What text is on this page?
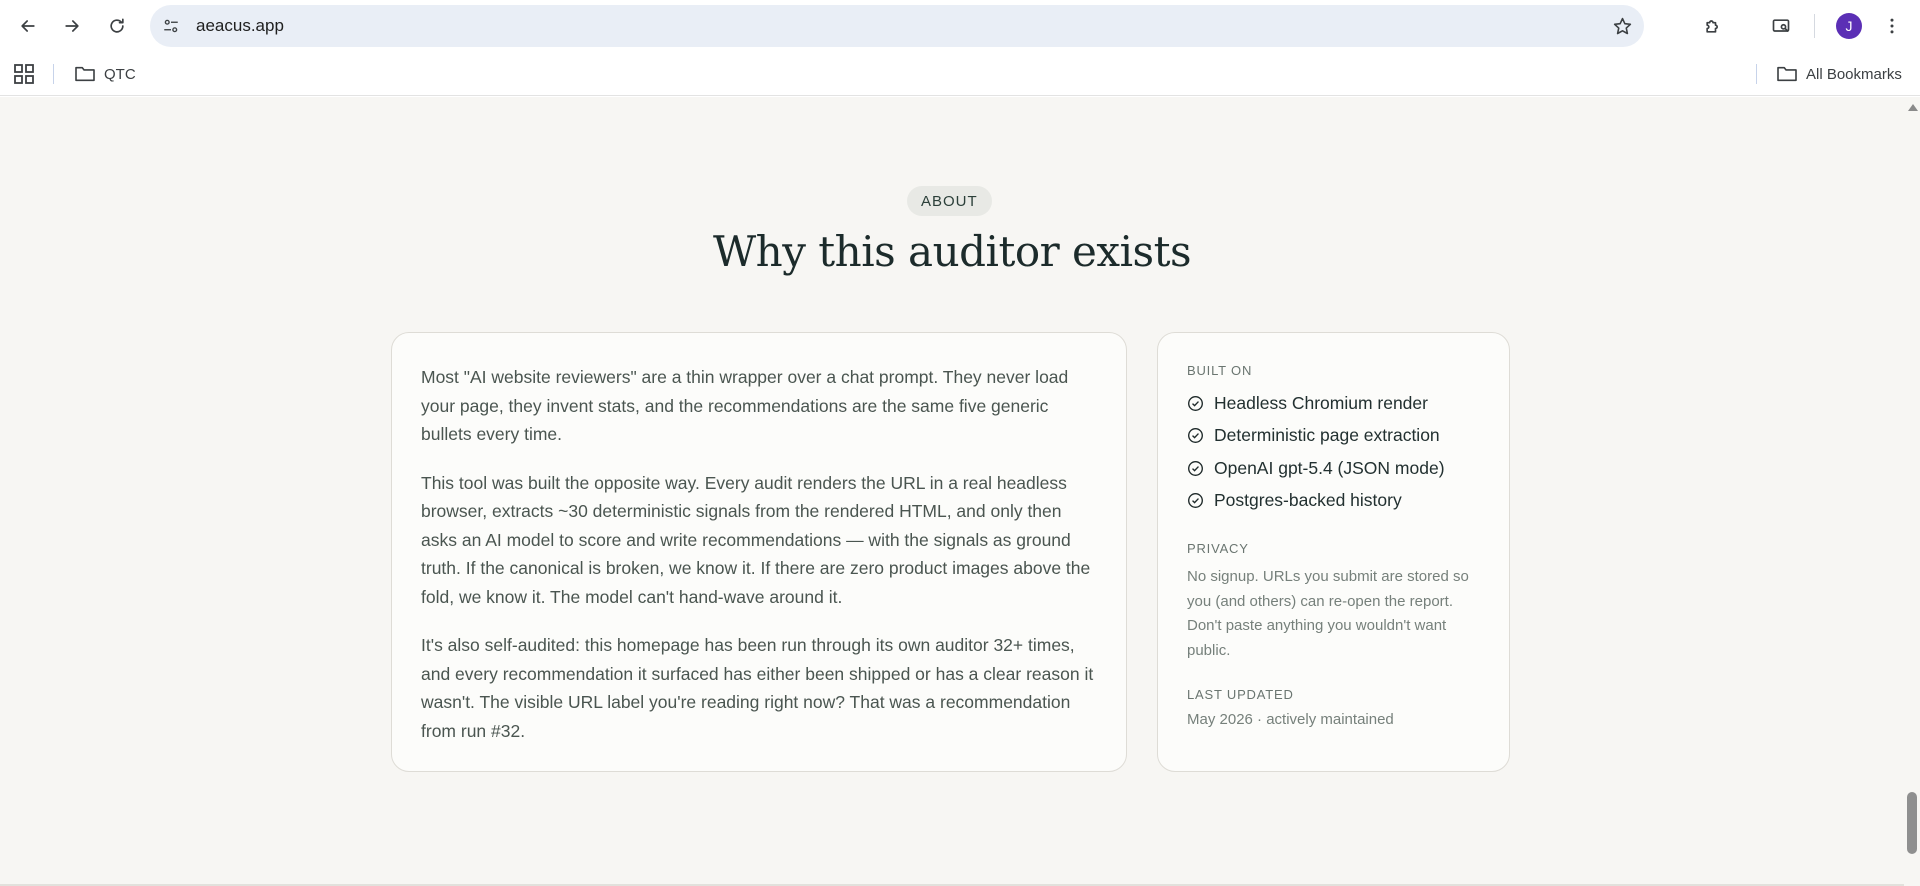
aeacus.app	J
QTC	All Bookmarks
ABOUT
Why this auditor exists

Most "AI website reviewers" are a thin wrapper over a chat prompt. They never load your page, they invent stats, and the recommendations are the same five generic bullets every time.

This tool was built the opposite way. Every audit renders the URL in a real headless browser, extracts ~30 deterministic signals from the rendered HTML, and only then asks an AI model to score and write recommendations — with the signals as ground truth. If the canonical is broken, we know it. If there are zero product images above the fold, we know it. The model can't hand-wave around it.

It's also self-audited: this homepage has been run through its own auditor 32+ times, and every recommendation it surfaced has either been shipped or has a clear reason it wasn't. The visible URL label you're reading right now? That was a recommendation from run #32.

BUILT ON
Headless Chromium render
Deterministic page extraction
OpenAI gpt-5.4 (JSON mode)
Postgres-backed history
PRIVACY

No signup. URLs you submit are stored so you (and others) can re-open the report. Don't paste anything you wouldn't want public.

LAST UPDATED

May 2026 · actively maintained
